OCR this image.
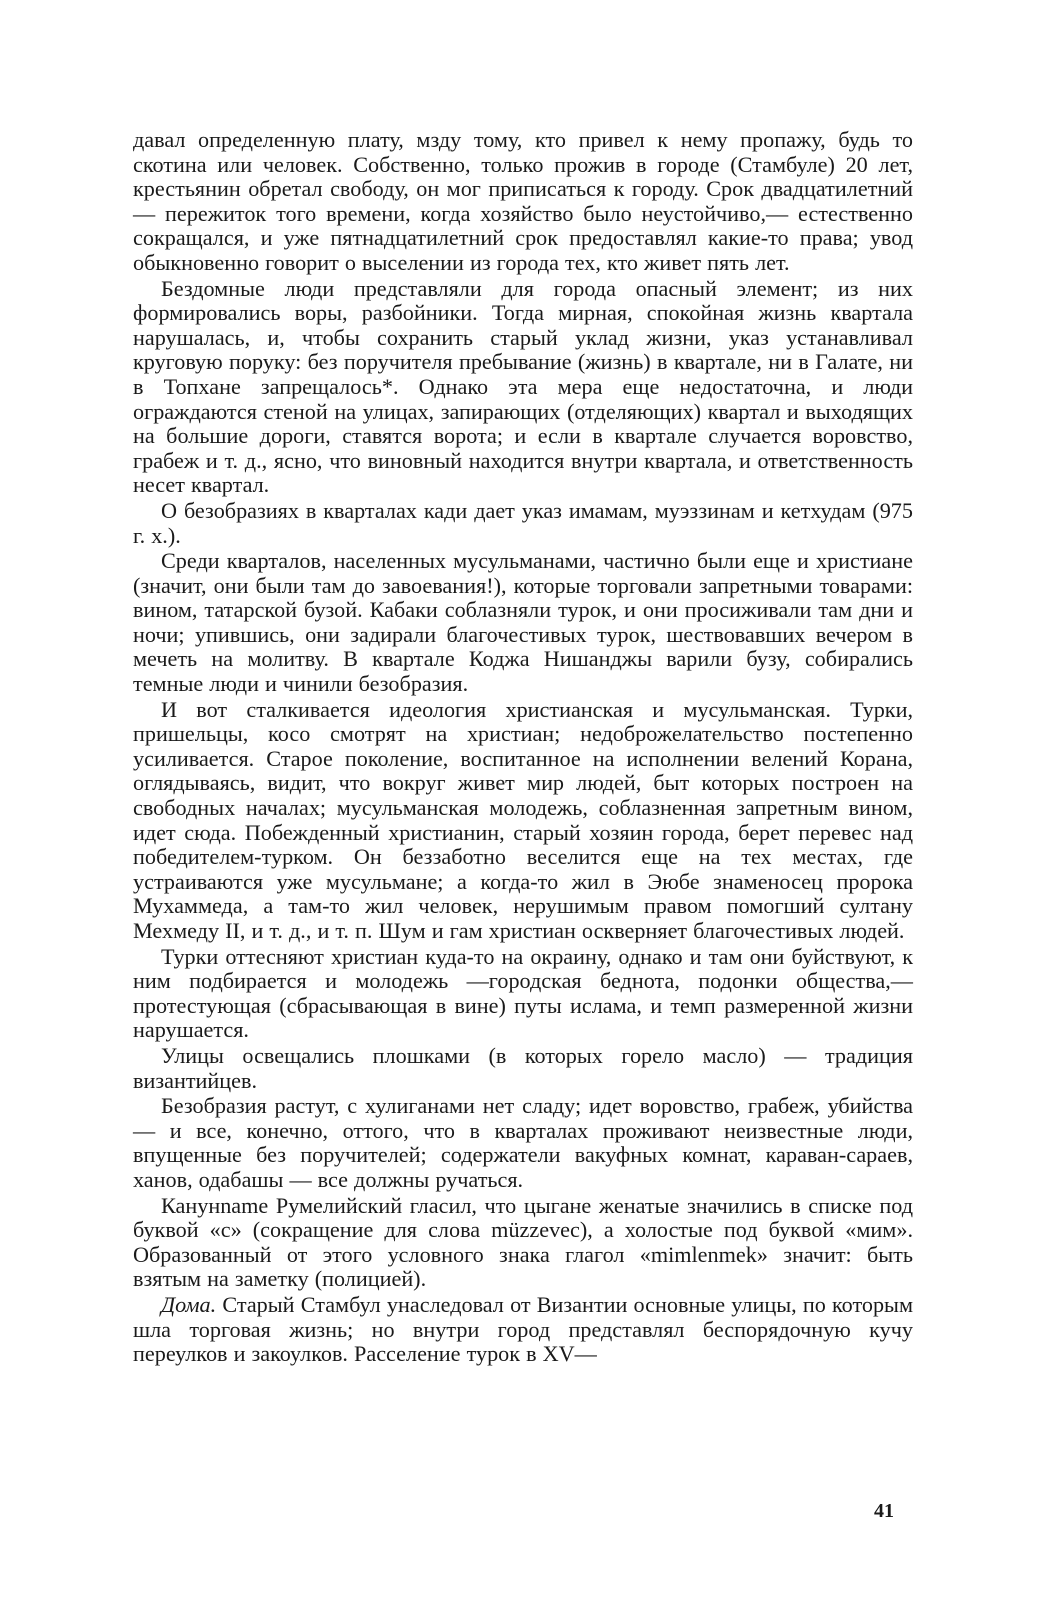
давал определенную плату, мзду тому, кто привел к нему пропажу, будь то скотина или человек. Собственно, только прожив в городе (Стамбуле) 20 лет, крестьянин обретал свободу, он мог приписаться к городу. Срок двадцатилетний — пережиток того времени, когда хозяйство было неустойчиво,— естественно сокращался, и уже пятнадцатилетний срок предоставлял какие-то права; увод обыкновенно говорит о выселении из города тех, кто живет пять лет.

Бездомные люди представляли для города опасный элемент; из них формировались воры, разбойники. Тогда мирная, спокойная жизнь квартала нарушалась, и, чтобы сохранить старый уклад жизни, указ устанавливал круговую поруку: без поручителя пребывание (жизнь) в квартале, ни в Галате, ни в Топхане запрещалось*. Однако эта мера еще недостаточна, и люди ограждаются стеной на улицах, запирающих (отделяющих) квартал и выходящих на большие дороги, ставятся ворота; и если в квартале случается воровство, грабеж и т. д., ясно, что виновный находится внутри квартала, и ответственность несет квартал.

О безобразиях в кварталах кади дает указ имамам, муэззинам и кетхудам (975 г. х.).

Среди кварталов, населенных мусульманами, частично были еще и христиане (значит, они были там до завоевания!), которые торговали запретными товарами: вином, татарской бузой. Кабаки соблазняли турок, и они просиживали там дни и ночи; упившись, они задирали благочестивых турок, шествовавших вечером в мечеть на молитву. В квартале Коджа Нишанджы варили бузу, собирались темные люди и чинили безобразия.

И вот сталкивается идеология христианская и мусульманская. Турки, пришельцы, косо смотрят на христиан; недоброжелательство постепенно усиливается. Старое поколение, воспитанное на исполнении велений Корана, оглядываясь, видит, что вокруг живет мир людей, быт которых построен на свободных началах; мусульманская молодежь, соблазненная запретным вином, идет сюда. Побежденный христианин, старый хозяин города, берет перевес над победителем-турком. Он беззаботно веселится еще на тех местах, где устраиваются уже мусульмане; а когда-то жил в Эюбе знаменосец пророка Мухаммеда, а там-то жил человек, нерушимым правом помогший султану Мехмеду II, и т. д., и т. п. Шум и гам христиан оскверняет благочестивых людей.

Турки оттесняют христиан куда-то на окраину, однако и там они буйствуют, к ним подбирается и молодежь —городская беднота, подонки общества,— протестующая (сбрасывающая в вине) путы ислама, и темп размеренной жизни нарушается.

Улицы освещались плошками (в которых горело масло) — традиция византийцев.

Безобразия растут, с хулиганами нет сладу; идет воровство, грабеж, убийства — и все, конечно, оттого, что в кварталах проживают неизвестные люди, впущенные без поручителей; содержатели вакуфных комнат, караван-сараев, ханов, одабашы — все должны ручаться.

Канунname Румелийский гласил, что цыгане женатые значились в списке под буквой «с» (сокращение для слова müzzevec), а холостые под буквой «мим». Образованный от этого условного знака глагол «mimlenmek» значит: быть взятым на заметку (полицией).

Дома. Старый Стамбул унаследовал от Византии основные улицы, по которым шла торговая жизнь; но внутри город представлял беспорядочную кучу переулков и закоулков. Расселение турок в XV—

41
